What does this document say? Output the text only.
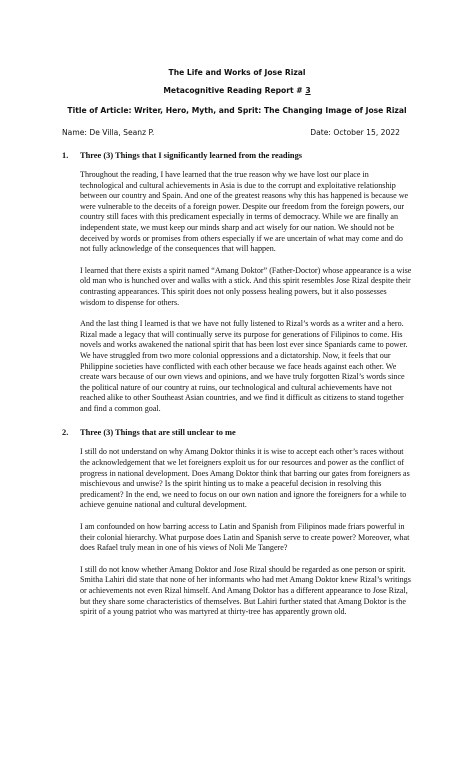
The Life and Works of Jose Rizal

Metacognitive Reading Report # 3

Title of Article: Writer, Hero, Myth, and Sprit: The Changing Image of Jose Rizal

Name: De Villa, Seanz P.	Date: October 15, 2022
1.	Three (3) Things that I significantly learned from the readings

Throughout the reading, I have learned that the true reason why we have lost our place in technological and cultural achievements in Asia is due to the corrupt and exploitative relationship between our country and Spain. And one of the greatest reasons why this has happened is because we were vulnerable to the deceits of a foreign power. Despite our freedom from the foreign powers, our country still faces with this predicament especially in terms of democracy. While we are finally an independent state, we must keep our minds sharp and act wisely for our nation. We should not be deceived by words or promises from others especially if we are uncertain of what may come and do not fully acknowledge of the consequences that will happen.

I learned that there exists a spirit named “Amang Doktor” (Father-Doctor) whose appearance is a wise old man who is hunched over and walks with a stick. And this spirit resembles Jose Rizal despite their contrasting appearances. This spirit does not only possess healing powers, but it also possesses wisdom to dispense for others.

And the last thing I learned is that we have not fully listened to Rizal’s words as a writer and a hero. Rizal made a legacy that will continually serve its purpose for generations of Filipinos to come. His novels and works awakened the national spirit that has been lost ever since Spaniards came to power. We have struggled from two more colonial oppressions and a dictatorship. Now, it feels that our Philippine societies have conflicted with each other because we face heads against each other. We create wars because of our own views and opinions, and we have truly forgotten Rizal’s words since the political nature of our country at ruins, our technological and cultural achievements have not reached alike to other Southeast Asian countries, and we find it difficult as citizens to stand together and find a common goal.

2.	Three (3) Things that are still unclear to me

I still do not understand on why Amang Doktor thinks it is wise to accept each other’s races without the acknowledgement that we let foreigners exploit us for our resources and power as the conflict of progress in national development. Does Amang Doktor think that barring our gates from foreigners as mischievous and unwise? Is the spirit hinting us to make a peaceful decision in resolving this predicament? In the end, we need to focus on our own nation and ignore the foreigners for a while to achieve genuine national and cultural development.

I am confounded on how barring access to Latin and Spanish from Filipinos made friars powerful in their colonial hierarchy. What purpose does Latin and Spanish serve to create power? Moreover, what does Rafael truly mean in one of his views of Noli Me Tangere?

I still do not know whether Amang Doktor and Jose Rizal should be regarded as one person or spirit. Smitha Lahiri did state that none of her informants who had met Amang Doktor knew Rizal’s writings or achievements not even Rizal himself. And Amang Doktor has a different appearance to Jose Rizal, but they share some characteristics of themselves. But Lahiri further stated that Amang Doktor is the spirit of a young patriot who was martyred at thirty-tree has apparently grown old.
